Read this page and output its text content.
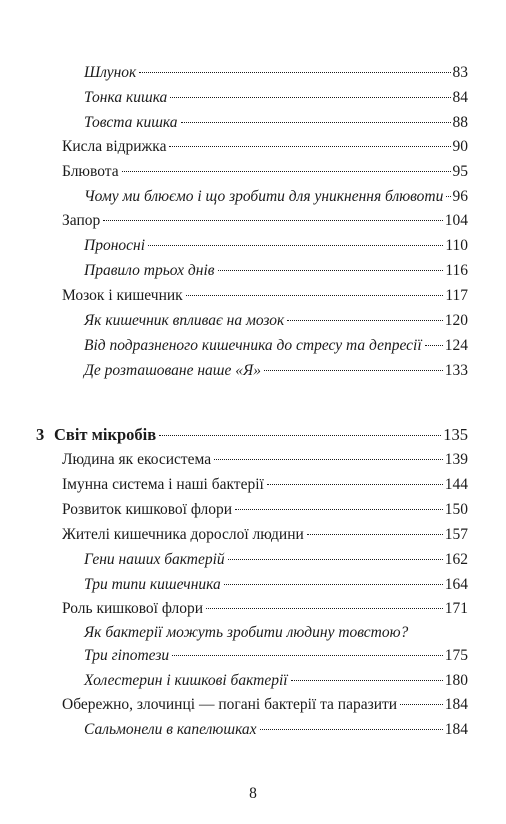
Шлунок	83
Тонка кишка	84
Товста кишка	88
Кисла відрижка	90
Блювота	95
Чому ми блюємо і що зробити для уникнення блювоти 96
Запор	104
Проносні	110
Правило трьох днів	116
Мозок і кишечник	117
Як кишечник впливає на мозок	120
Від подразненого кишечника до стресу та депресії 124
Де розташоване наше «Я»	133
3 Світ мікробів	135
Людина як екосистема	139
Імунна система і наші бактерії	144
Розвиток кишкової флори	150
Жителі кишечника дорослої людини	157
Гени наших бактерій	162
Три типи кишечника	164
Роль кишкової флори	171
Як бактерії можуть зробити людину товстою?
Три гіпотези	175
Холестерин і кишкові бактерії	180
Обережно, злочинці — погані бактерії та паразити	184
Сальмонели в капелюшках	184
8
